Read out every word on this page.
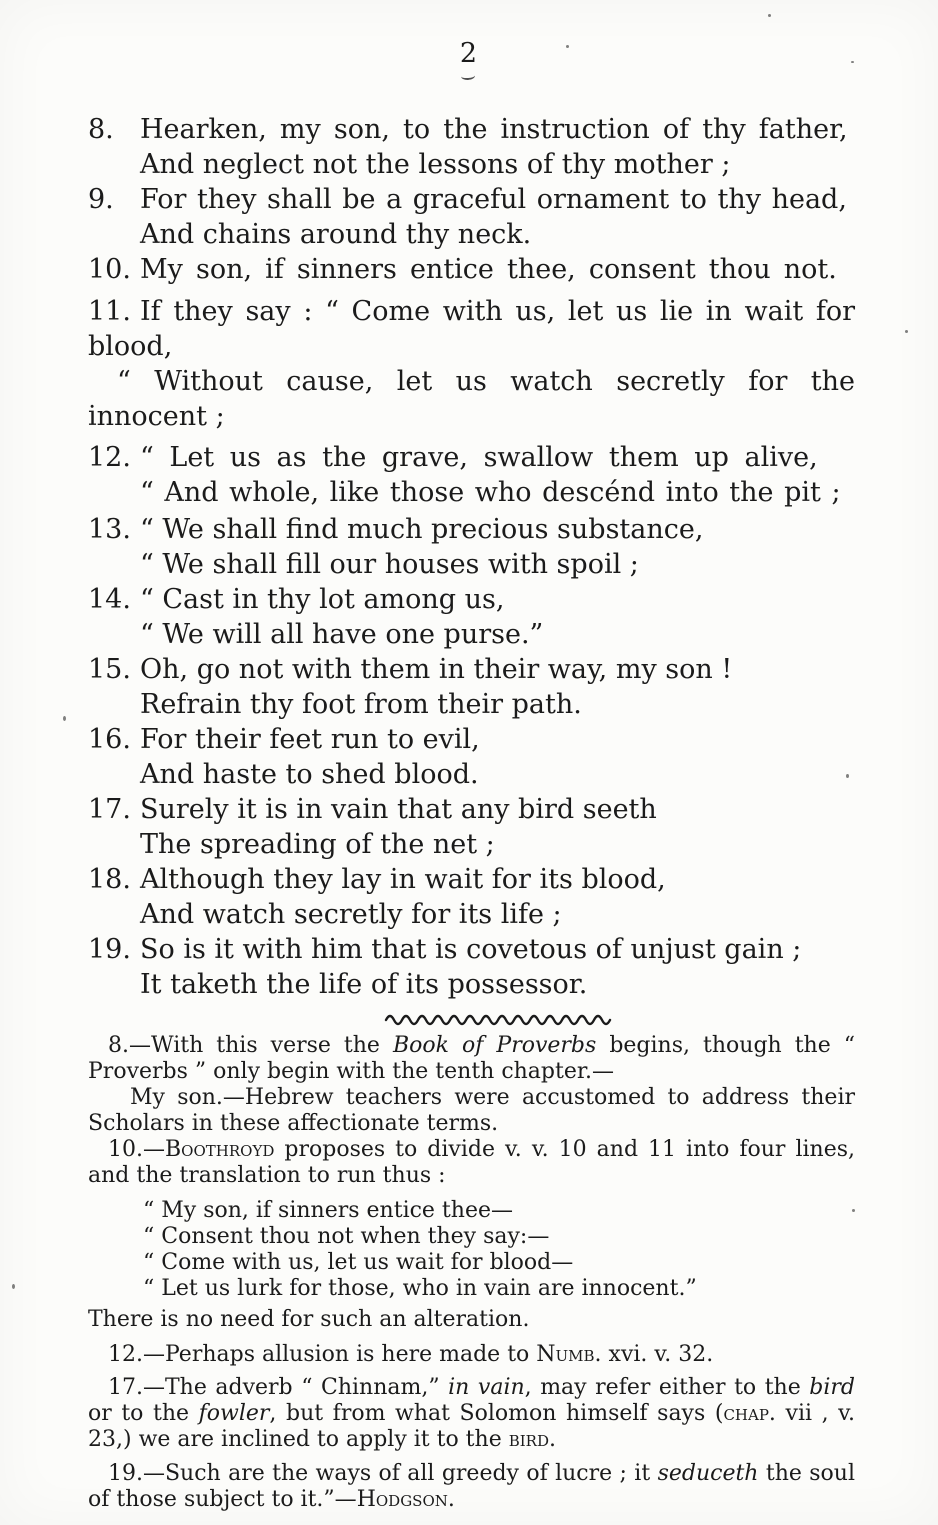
2
8. Hearken, my son, to the instruction of thy father,
And neglect not the lessons of thy mother ;
9. For they shall be a graceful ornament to thy head,
And chains around thy neck.
10. My son, if sinners entice thee, consent thou not.
11. If they say : “ Come with us, let us lie in wait for
blood,
“ Without cause, let us watch secretly for the
innocent ;
12. “ Let us as the grave, swallow them up alive,
“ And whole, like those who descénd into the pit ;
13. “ We shall find much precious substance,
“ We shall fill our houses with spoil ;
14. “ Cast in thy lot among us,
“ We will all have one purse.”
15. Oh, go not with them in their way, my son !
Refrain thy foot from their path.
16. For their feet run to evil,
And haste to shed blood.
17. Surely it is in vain that any bird seeth
The spreading of the net ;
18. Although they lay in wait for its blood,
And watch secretly for its life ;
19. So is it with him that is covetous of unjust gain ;
It taketh the life of its possessor.

8.—With this verse the Book of Proverbs begins, though the “ Proverbs ” only begin with the tenth chapter.—

My son.—Hebrew teachers were accustomed to address their Scholars in these affectionate terms.

10.—Boothroyd proposes to divide v. v. 10 and 11 into four lines, and the translation to run thus :

“ My son, if sinners entice thee—
“ Consent thou not when they say:—
“ Come with us, let us wait for blood—
“ Let us lurk for those, who in vain are innocent.”

There is no need for such an alteration.

12.—Perhaps allusion is here made to Numb. xvi. v. 32.

17.—The adverb “ Chinnam,” in vain, may refer either to the bird or to the fowler, but from what Solomon himself says (chap. vii , v. 23,) we are inclined to apply it to the bird.

19.—Such are the ways of all greedy of lucre ; it seduceth the soul of those subject to it.”—Hodgson.
